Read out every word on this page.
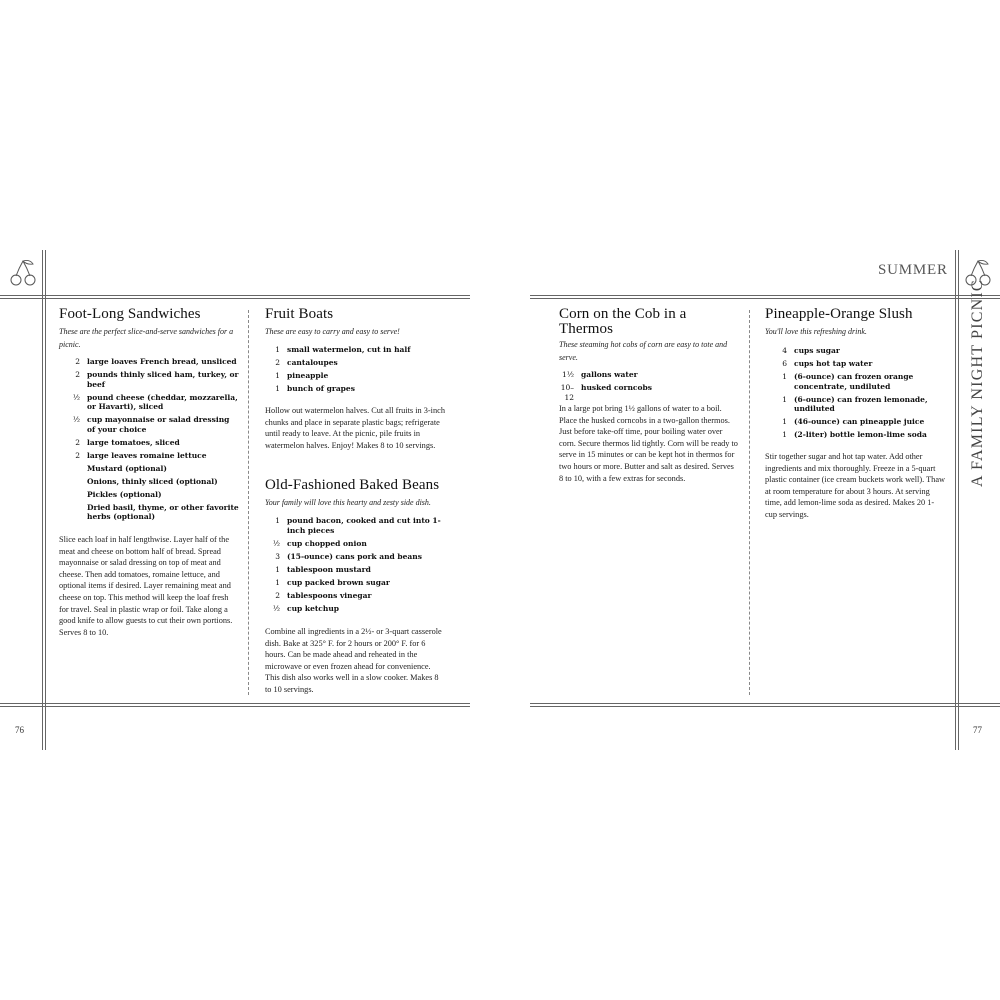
SUMMER
A FAMILY NIGHT PICNIC
76	77
Foot-Long Sandwiches
These are the perfect slice-and-serve sandwiches for a picnic.
2 large loaves French bread, unsliced
2 pounds thinly sliced ham, turkey, or beef
½ pound cheese (cheddar, mozzarella, or Havarti), sliced
½ cup mayonnaise or salad dressing of your choice
2 large tomatoes, sliced
2 large leaves romaine lettuce
Mustard (optional)
Onions, thinly sliced (optional)
Pickles (optional)
Dried basil, thyme, or other favorite herbs (optional)
Slice each loaf in half lengthwise. Layer half of the meat and cheese on bottom half of bread. Spread mayonnaise or salad dressing on top of meat and cheese. Then add tomatoes, romaine lettuce, and optional items if desired. Layer remaining meat and cheese on top. This method will keep the loaf fresh for travel. Seal in plastic wrap or foil. Take along a good knife to allow guests to cut their own portions. Serves 8 to 10.
Fruit Boats
These are easy to carry and easy to serve!
1 small watermelon, cut in half
2 cantaloupes
1 pineapple
1 bunch of grapes
Hollow out watermelon halves. Cut all fruits in 3-inch chunks and place in separate plastic bags; refrigerate until ready to leave. At the picnic, pile fruits in watermelon halves. Enjoy! Makes 8 to 10 servings.
Old-Fashioned Baked Beans
Your family will love this hearty and zesty side dish.
1 pound bacon, cooked and cut into 1-inch pieces
½ cup chopped onion
3 (15-ounce) cans pork and beans
1 tablespoon mustard
1 cup packed brown sugar
2 tablespoons vinegar
½ cup ketchup
Combine all ingredients in a 2½- or 3-quart casserole dish. Bake at 325° F. for 2 hours or 200° F. for 6 hours. Can be made ahead and reheated in the microwave or even frozen ahead for convenience. This dish also works well in a slow cooker. Makes 8 to 10 servings.
Corn on the Cob in a Thermos
These steaming hot cobs of corn are easy to tote and serve.
1½ gallons water
10–12
husked corncobs
In a large pot bring 1½ gallons of water to a boil. Place the husked corncobs in a two-gallon thermos. Just before take-off time, pour boiling water over corn. Secure thermos lid tightly. Corn will be ready to serve in 15 minutes or can be kept hot in thermos for two hours or more. Butter and salt as desired. Serves 8 to 10, with a few extras for seconds.
Pineapple-Orange Slush
You'll love this refreshing drink.
4 cups sugar
6 cups hot tap water
1 (6-ounce) can frozen orange concentrate, undiluted
1 (6-ounce) can frozen lemonade, undiluted
1 (46-ounce) can pineapple juice
1 (2-liter) bottle lemon-lime soda
Stir together sugar and hot tap water. Add other ingredients and mix thoroughly. Freeze in a 5-quart plastic container (ice cream buckets work well). Thaw at room temperature for about 3 hours. At serving time, add lemon-lime soda as desired. Makes 20 1-cup servings.
